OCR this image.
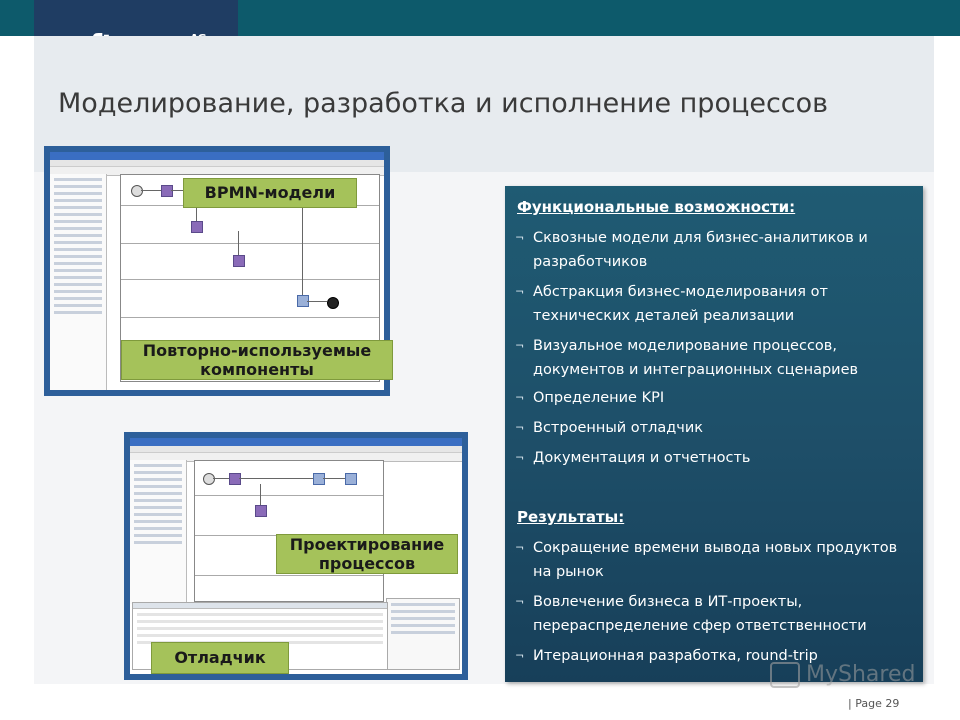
Моделирование, разработка и исполнение процессов
BPMN-модели
Повторно-используемые компоненты
Проектирование процессов
Отладчик
Функциональные возможности:
¬ Сквозные модели для бизнес-аналитиков и разработчиков
¬ Абстракция бизнес-моделирования от технических деталей реализации
¬ Визуальное моделирование процессов, документов и интеграционных сценариев
¬ Определение KPI
¬ Встроенный отладчик
¬ Документация и отчетность
Результаты:
¬ Сокращение времени вывода новых продуктов на рынок
¬ Вовлечение бизнеса в ИТ-проекты, перераспределение сфер ответственности
¬ Итерационная разработка, round-trip
MyShared
| Page 29
